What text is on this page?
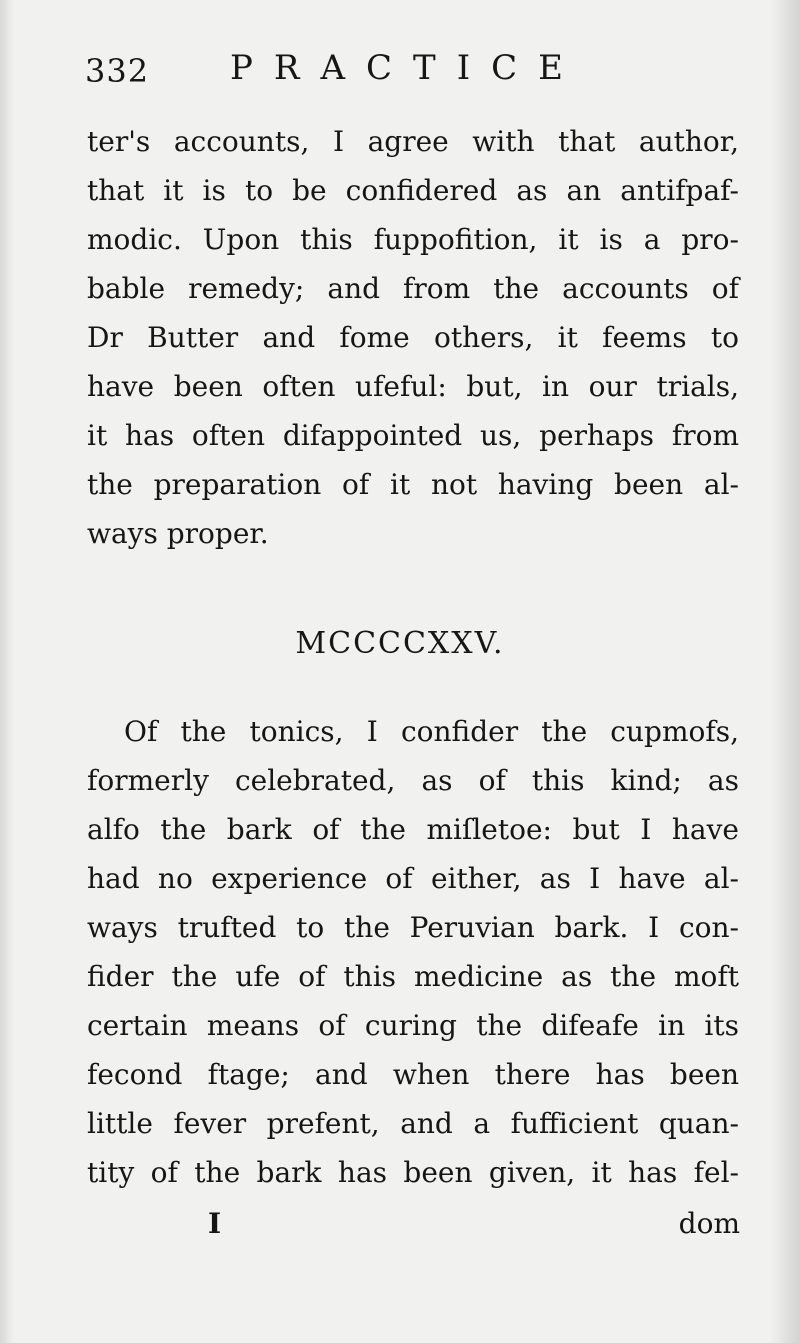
332 PRACTICE
ter's accounts, I agree with that author,
that it is to be confidered as an antifpaf-
modic. Upon this fuppofition, it is a pro-
bable remedy; and from the accounts of
Dr Butter and fome others, it feems to
have been often ufeful: but, in our trials,
it has often difappointed us, perhaps from
the preparation of it not having been al-
ways proper.
MCCCCXXV.
Of the tonics, I confider the cupmofs,
formerly celebrated, as of this kind; as
alfo the bark of the miſletoe: but I have
had no experience of either, as I have al-
ways trufted to the Peruvian bark. I con-
fider the ufe of this medicine as the moft
certain means of curing the difeafe in its
fecond ftage; and when there has been
little fever prefent, and a fufficient quan-
tity of the bark has been given, it has fel-
I	dom
